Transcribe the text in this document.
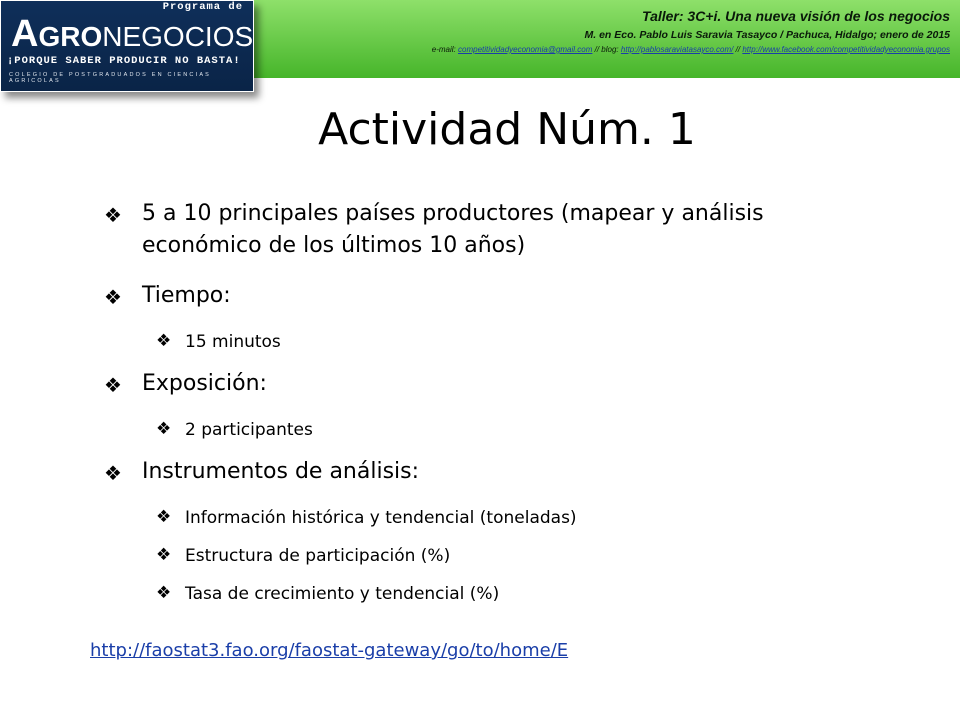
Taller: 3C+i. Una nueva visión de los negocios
M. en Eco. Pablo Luis Saravia Tasayco / Pachuca, Hidalgo; enero de 2015
e-mail: competitividadyeconomia@gmail.com // blog: http://pablosaraviatasayco.com/ // http://www.facebook.com/competitividadyeconomia.grupos
Programa de
AGRONEGOCIOS
¡PORQUE SABER PRODUCIR NO BASTA!
COLEGIO DE POSTGRADUADOS EN CIENCIAS AGRICOLAS
Actividad Núm. 1
❖ 5 a 10 principales países productores (mapear y análisis económico de los últimos 10 años)
❖ Tiempo:
❖ 15 minutos
❖ Exposición:
❖ 2 participantes
❖ Instrumentos de análisis:
❖ Información histórica y tendencial (toneladas)
❖ Estructura de participación (%)
❖ Tasa de crecimiento y tendencial (%)
http://faostat3.fao.org/faostat-gateway/go/to/home/E
